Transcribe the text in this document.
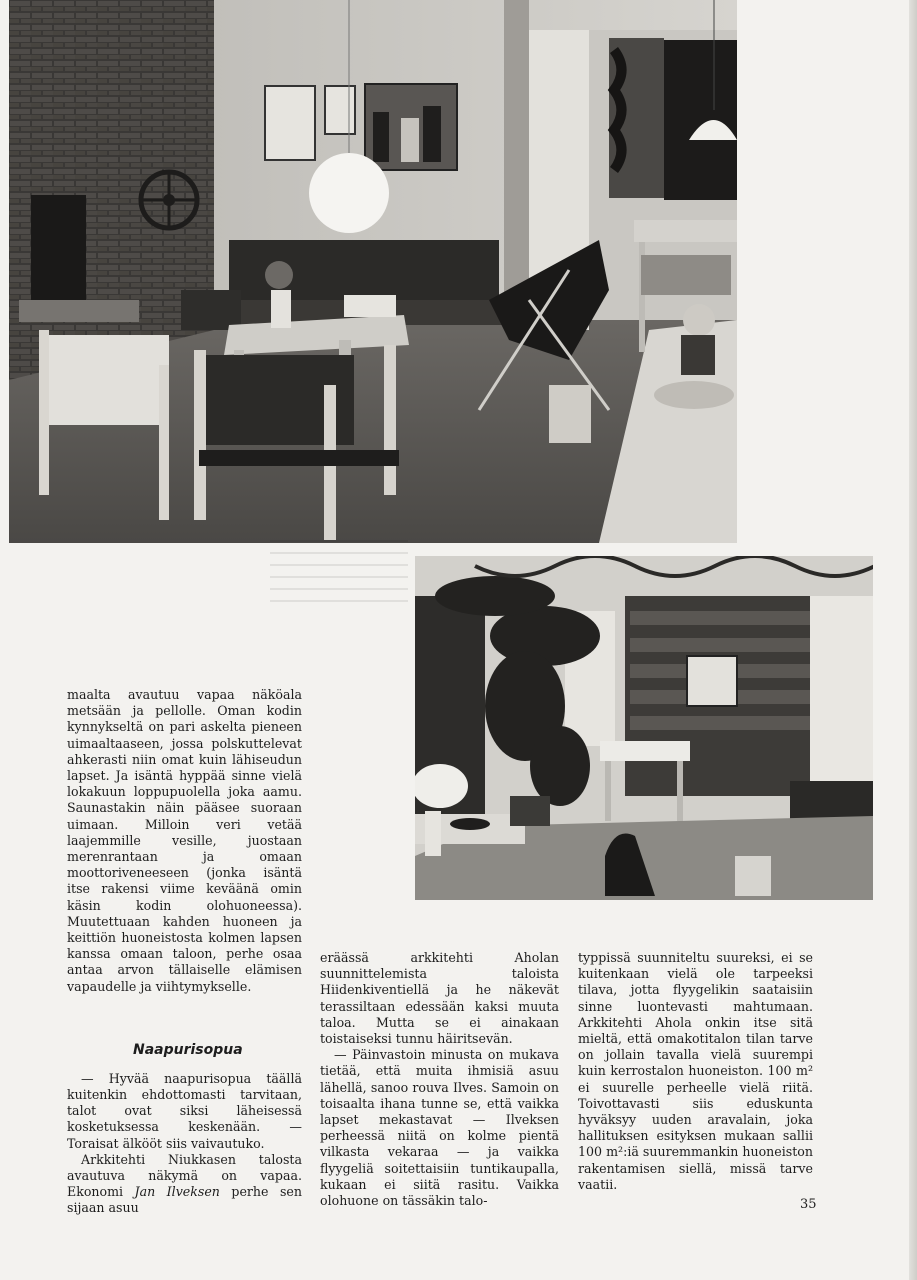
maalta avautuu vapaa näköala metsään ja pellolle. Oman kodin kynnykseltä on pari askelta pieneen uimaaltaaseen, jossa polskuttelevat ahkerasti niin omat kuin lähiseudun lapset. Ja isäntä hyppää sinne vielä lokakuun loppupuolella joka aamu. Saunastakin näin pääsee suoraan uimaan. Milloin veri vetää laajemmille vesille, juostaan merenrantaan ja omaan moottoriveneeseen (jonka isäntä itse rakensi viime keväänä omin käsin kodin olohuoneessa). Muutettuaan kahden huoneen ja keittiön huoneistosta kolmen lapsen kanssa omaan taloon, perhe osaa antaa arvon tällaiselle elämisen vapaudelle ja viihtymykselle.

Naapurisopua

— Hyvää naapurisopua täällä kuitenkin ehdottomasti tarvitaan, talot ovat siksi läheisessä kosketuksessa keskenään. — Toraisat älkööt siis vaivautuko.

Arkkitehti Niukkasen talosta avautuva näkymä on vapaa. Ekonomi Jan Ilveksen perhe sen sijaan asuu

eräässä arkkitehti Aholan suunnittelemista taloista Hiidenkiventiellä ja he näkevät terassiltaan edessään kaksi muuta taloa. Mutta se ei ainakaan toistaiseksi tunnu häiritsevän.

— Päinvastoin minusta on mukava tietää, että muita ihmisiä asuu lähellä, sanoo rouva Ilves. Samoin on toisaalta ihana tunne se, että vaikka lapset mekastavat — Ilveksen perheessä niitä on kolme pientä vilkasta vekaraa — ja vaikka flyygeliä soitettaisiin tuntikaupalla, kukaan ei siitä rasitu. Vaikka olohuone on tässäkin talo-

typpissä suunniteltu suureksi, ei se kuitenkaan vielä ole tarpeeksi tilava, jotta flyygelikin saataisiin sinne luontevasti mahtumaan. Arkkitehti Ahola onkin itse sitä mieltä, että omakotitalon tilan tarve on jollain tavalla vielä suurempi kuin kerrostalon huoneiston. 100 m² ei suurelle perheelle vielä riitä. Toivottavasti siis eduskunta hyväksyy uuden aravalain, joka hallituksen esityksen mukaan sallii 100 m²:iä suuremmankin huoneiston rakentamisen siellä, missä tarve vaatii.

35
